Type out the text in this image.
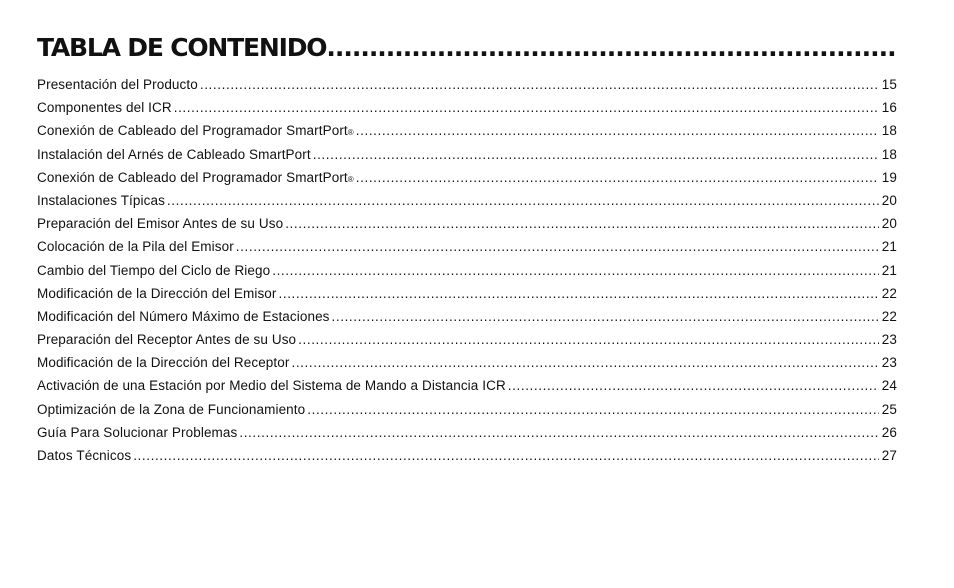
TABLA DE CONTENIDO
.....
Presentación del Producto .....	15
Componentes del ICR .....	16
Conexión de Cableado del Programador SmartPort ® .....	18
Instalación del Arnés de Cableado SmartPort .....	18
Conexión de Cableado del Programador SmartPort ® .....	19
Instalaciones Típicas .....	20
Preparación del Emisor Antes de su Uso .....	20
Colocación de la Pila del Emisor .....	21
Cambio del Tiempo del Ciclo de Riego .....	21
Modificación de la Dirección del Emisor .....	22
Modificación del Número Máximo de Estaciones .....	22
Preparación del Receptor Antes de su Uso .....	23
Modificación de la Dirección del Receptor .....	23
Activación de una Estación por Medio del Sistema de Mando a Distancia ICR .....	24
Optimización de la Zona de Funcionamiento .....	25
Guía Para Solucionar Problemas .....	26
Datos Técnicos .....	27
